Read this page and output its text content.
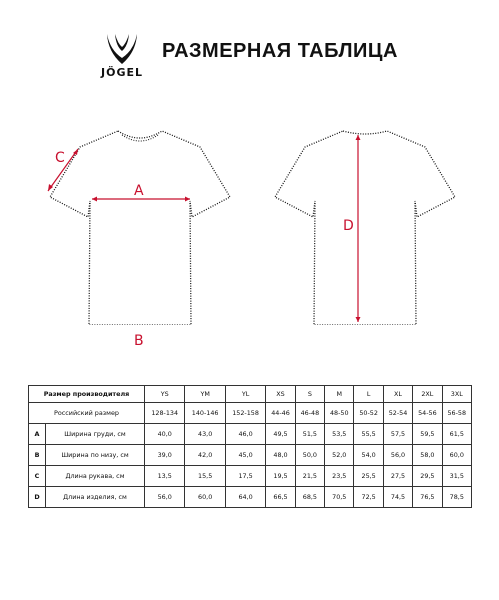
JÖGEL
РАЗМЕРНАЯ ТАБЛИЦА
A
B
C
D
Размер производителя		YS	YM	YL	XS	S	M	L	XL	2XL	3XL
Российский размер		128-134	140-146	152-158	44-46	46-48	48-50	50-52	52-54	54-56	56-58
A	Ширина груди, см	40,0	43,0	46,0	49,5	51,5	53,5	55,5	57,5	59,5	61,5
B	Ширина по низу, см	39,0	42,0	45,0	48,0	50,0	52,0	54,0	56,0	58,0	60,0
C	Длина рукава, см	13,5	15,5	17,5	19,5	21,5	23,5	25,5	27,5	29,5	31,5
D	Длина изделия, см	56,0	60,0	64,0	66,5	68,5	70,5	72,5	74,5	76,5	78,5
